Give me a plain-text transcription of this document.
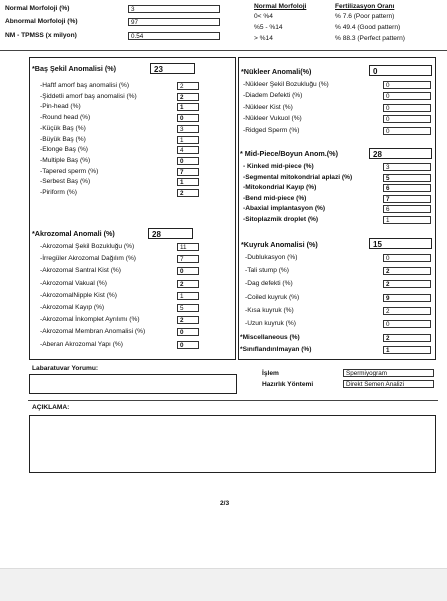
Normal Morfoloji (%)	3
Abnormal Morfoloji (%)	97
NM - TPMSS (x milyon)	0.54
Normal Morfoloji	Fertilizasyon Oranı
0< %4	% 7.6 (Poor pattern)
%5 - %14	% 49.4 (Good pattern)
> %14	% 88.3 (Perfect pattern)
*Baş Şekil Anomalisi (%)	23
-Haftf amorf baş anomalisi (%)	2
-Şiddetli amorf baş anomalisi (%)	2
-Pin-head (%)	1
-Round head (%)	0
-Küçük Baş (%)	3
-Büyük Baş (%)	1
-Elonge Baş (%)	4
-Multiple Baş (%)	0
-Tapered sperm (%)	7
-Serbest Baş (%)	1
-Piriform (%)	2
*Akrozomal Anomali (%)	28
-Akrozomal Şekil Bozukluğu (%)	11
-İrregüler Akrozomal Dağılım (%)	7
-Akrozomal Santral Kist (%)	0
-Akrozomal Vakual (%)	2
-AkrozomalNipple Kist (%)	1
-Akrozomal Kayıp (%)	5
-Akrozomal İnkomplet Ayrılımı (%)	2
-Akrozomal Membran Anomalisi (%)	0
-Aberan Akrozomal Yapı (%)	0
*Nükleer Anomali(%)	0
-Nükleer Şekil Bozukluğu (%)	0
-Diadem Defekti (%)	0
-Nükleer Kist (%)	0
-Nükleer Vukuol (%)	0
-Ridged Sperm (%)	0
* Mid-Piece/Boyun Anom.(%)	28
- Kinked mid-piece (%)	3
-Segmental mitokondrial aplazi (%)	5
-Mitokondrial Kayıp (%)	6
-Bend mid-piece (%)	7
-Abaxial implantasyon (%)	6
-Sitoplazmik droplet (%)	1
*Kuyruk Anomalisi (%)	15
-Dublukasyon (%)	0
-Tali stump (%)	2
-Dag defekti (%)	2
-Coiled kuyruk (%)	9
-Kısa kuyruk (%)	2
-Uzun kuyruk (%)	0
*Miscellaneous (%)	2
*Sınıflandırılmayan (%)	1
Labaratuvar Yorumu:
İşlem	Spermiyogram
Hazırlık Yöntemi	Direkt Semen Analizi
AÇIKLAMA:
2/3
